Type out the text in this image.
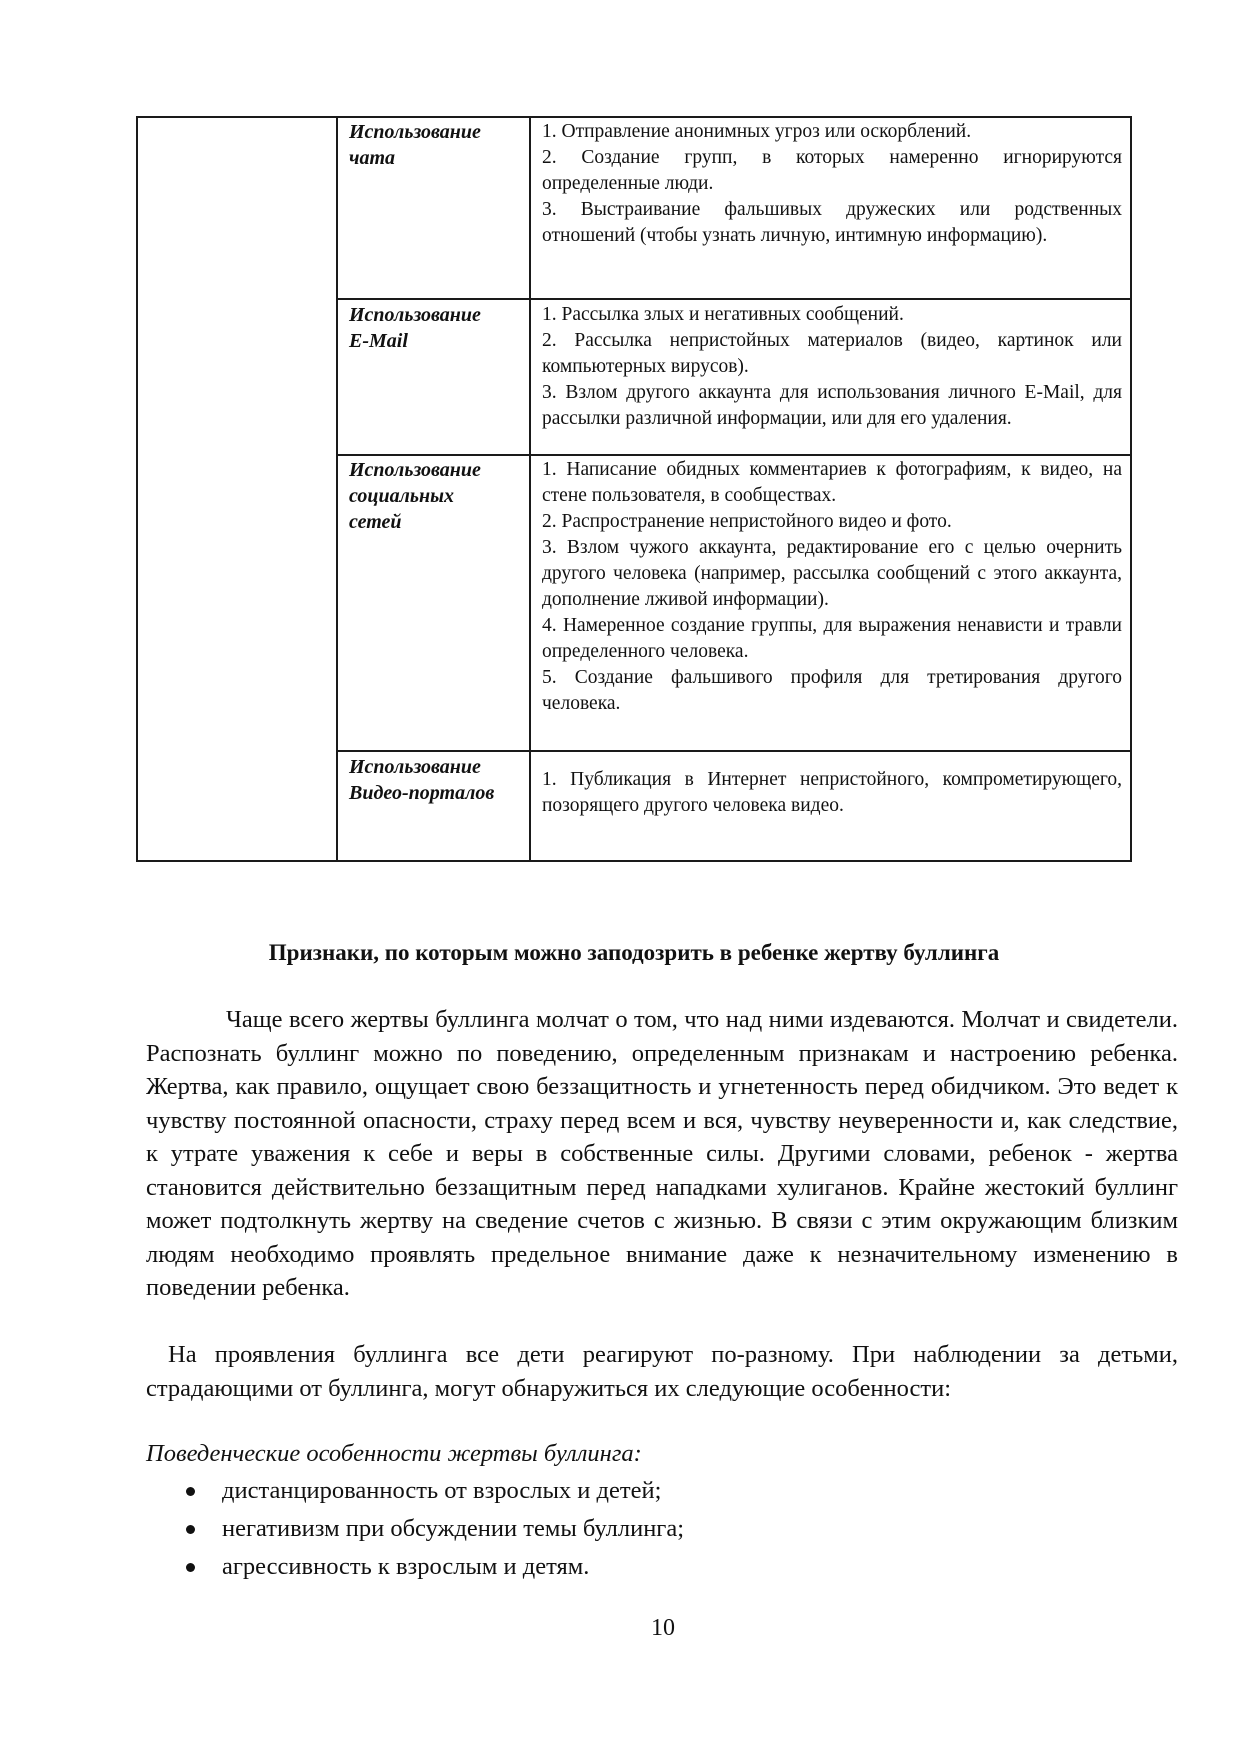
Использование
чата
1. Отправление анонимных угроз или оскорблений.
2. Создание групп, в которых намеренно игнорируются определенные люди.
3. Выстраивание фальшивых дружеских или родственных отношений (чтобы узнать личную, интимную информацию).
Использование
E-Mail
1. Рассылка злых и негативных сообщений.
2. Рассылка непристойных материалов (видео, картинок или компьютерных вирусов).
3. Взлом другого аккаунта для использования личного E-Mail, для рассылки различной информации, или для его удаления.
Использование
социальных
сетей
1. Написание обидных комментариев к фотографиям, к видео, на стене пользователя, в сообществах.
2. Распространение непристойного видео и фото.
3. Взлом чужого аккаунта, редактирование его с целью очернить другого человека (например, рассылка сообщений с этого аккаунта, дополнение лживой информации).
4. Намеренное создание группы, для выражения ненависти и травли определенного человека.
5. Создание фальшивого профиля для третирования другого человека.
Использование
Видео-порталов
1. Публикация в Интернет непристойного, компрометирующего, позорящего другого человека видео.
Признаки, по которым можно заподозрить в ребенке жертву буллинга

Чаще всего жертвы буллинга молчат о том, что над ними издеваются. Молчат и свидетели. Распознать буллинг можно по поведению, определенным признакам и настроению ребенка. Жертва, как правило, ощущает свою беззащитность и угнетенность перед обидчиком. Это ведет к чувству постоянной опасности, страху перед всем и вся, чувству неуверенности и, как следствие, к утрате уважения к себе и веры в собственные силы. Другими словами, ребенок - жертва становится действительно беззащитным перед нападками хулиганов. Крайне жестокий буллинг может подтолкнуть жертву на сведение счетов с жизнью. В связи с этим окружающим близким людям необходимо проявлять предельное внимание даже к незначительному изменению в поведении ребенка.

На проявления буллинга все дети реагируют по-разному. При наблюдении за детьми, страдающими от буллинга, могут обнаружиться их следующие особенности:

Поведенческие особенности жертвы буллинга:

дистанцированность от взрослых и детей;
негативизм при обсуждении темы буллинга;
агрессивность к взрослым и детям.

10
